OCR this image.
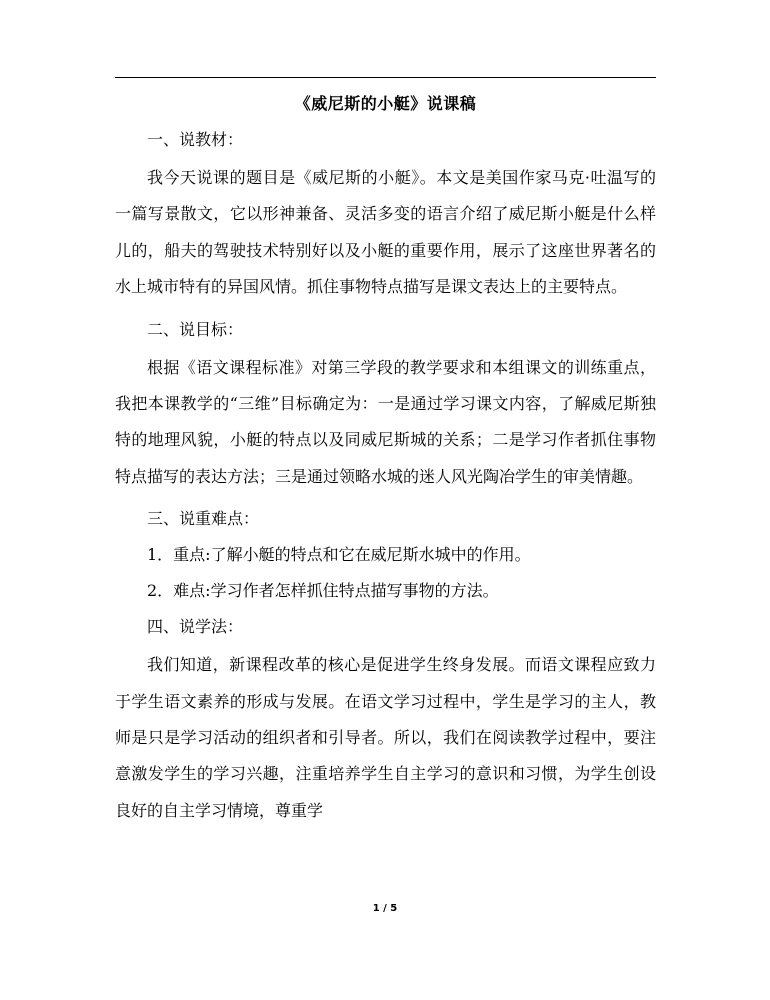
《威尼斯的小艇》说课稿

一、说教材：

我今天说课的题目是《威尼斯的小艇》。本文是美国作家马克·吐温写的一篇写景散文，它以形神兼备、灵活多变的语言介绍了威尼斯小艇是什么样儿的，船夫的驾驶技术特别好以及小艇的重要作用，展示了这座世界著名的水上城市特有的异国风情。抓住事物特点描写是课文表达上的主要特点。

二、说目标：

根据《语文课程标准》对第三学段的教学要求和本组课文的训练重点，我把本课教学的“三维”目标确定为：一是通过学习课文内容，了解威尼斯独特的地理风貌，小艇的特点以及同威尼斯城的关系；二是学习作者抓住事物特点描写的表达方法；三是通过领略水城的迷人风光陶冶学生的审美情趣。

三、说重难点：

1．重点:了解小艇的特点和它在威尼斯水城中的作用。

2．难点:学习作者怎样抓住特点描写事物的方法。

四、说学法：

我们知道，新课程改革的核心是促进学生终身发展。而语文课程应致力于学生语文素养的形成与发展。在语文学习过程中，学生是学习的主人，教师是只是学习活动的组织者和引导者。所以，我们在阅读教学过程中，要注意激发学生的学习兴趣，注重培养学生自主学习的意识和习惯，为学生创设良好的自主学习情境，尊重学

1 / 5
